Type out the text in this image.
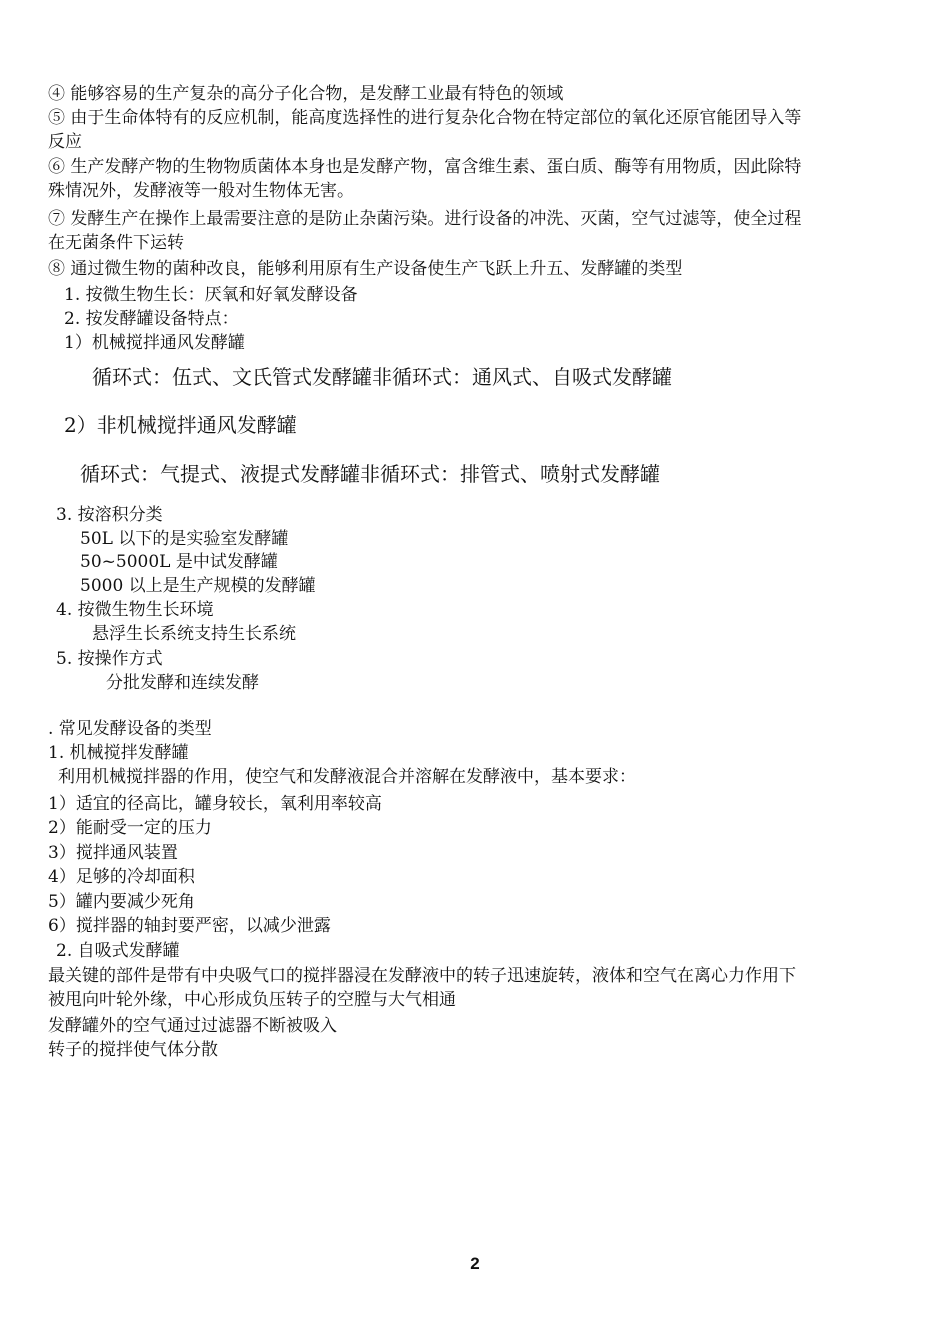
④ 能够容易的生产复杂的高分子化合物，是发酵工业最有特色的领域
⑤ 由于生命体特有的反应机制，能高度选择性的进行复杂化合物在特定部位的氧化还原官能团导入等
反应
⑥ 生产发酵产物的生物物质菌体本身也是发酵产物，富含维生素、蛋白质、酶等有用物质，因此除特
殊情况外，发酵液等一般对生物体无害。
⑦ 发酵生产在操作上最需要注意的是防止杂菌污染。进行设备的冲洗、灭菌，空气过滤等，使全过程
在无菌条件下运转
⑧ 通过微生物的菌种改良，能够利用原有生产设备使生产飞跃上升五、发酵罐的类型
1. 按微生物生长：厌氧和好氧发酵设备
2. 按发酵罐设备特点：
1）机械搅拌通风发酵罐
循环式：伍式、文氏管式发酵罐非循环式：通风式、自吸式发酵罐
2）非机械搅拌通风发酵罐
循环式：气提式、液提式发酵罐非循环式：排管式、喷射式发酵罐
3. 按溶积分类
50L 以下的是实验室发酵罐
50~5000L 是中试发酵罐
5000 以上是生产规模的发酵罐
4. 按微生物生长环境
悬浮生长系统支持生长系统
5. 按操作方式
分批发酵和连续发酵
. 常见发酵设备的类型
1. 机械搅拌发酵罐
利用机械搅拌器的作用，使空气和发酵液混合并溶解在发酵液中，基本要求：
1）适宜的径高比，罐身较长，氧利用率较高
2）能耐受一定的压力
3）搅拌通风装置
4）足够的冷却面积
5）罐内要减少死角
6）搅拌器的轴封要严密，以减少泄露
2. 自吸式发酵罐
最关键的部件是带有中央吸气口的搅拌器浸在发酵液中的转子迅速旋转，液体和空气在离心力作用下
被甩向叶轮外缘，中心形成负压转子的空膛与大气相通
发酵罐外的空气通过过滤器不断被吸入
转子的搅拌使气体分散
2
